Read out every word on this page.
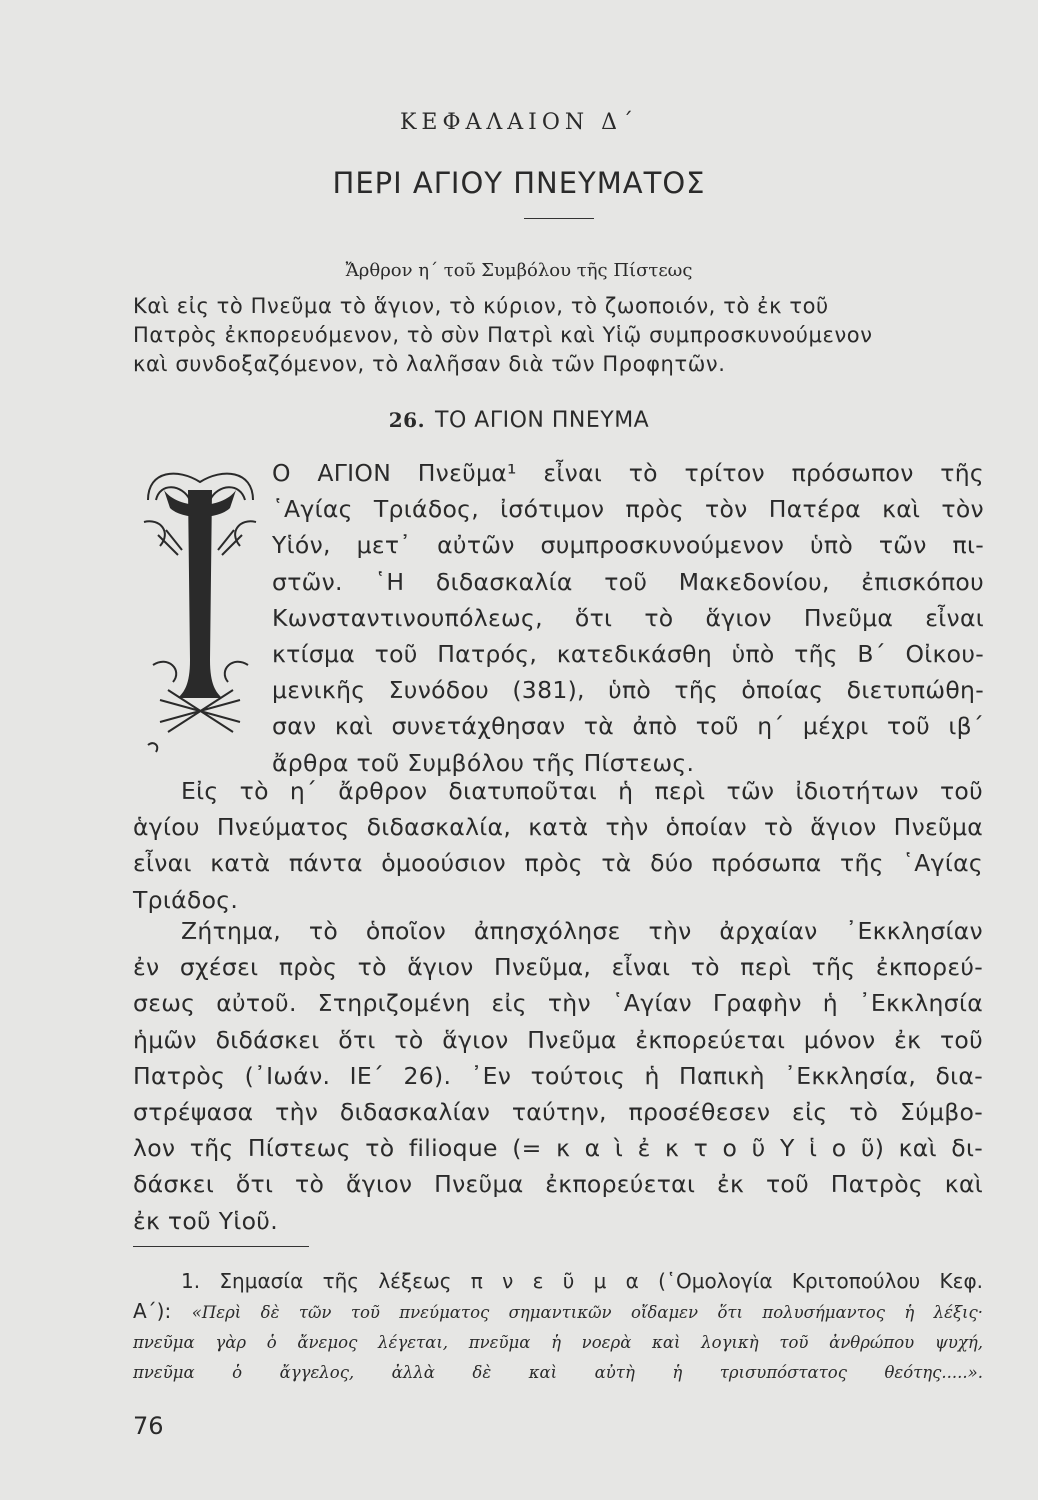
ΚΕΦΑΛΑΙΟΝ Δ΄
ΠΕΡΙ ΑΓΙΟΥ ΠΝΕΥΜΑΤΟΣ
Ἄρθρον η΄ τοῦ Συμβόλου τῆς Πίστεως
Καὶ εἰς τὸ Πνεῦμα τὸ ἅγιον, τὸ κύριον, τὸ ζωοποιόν, τὸ ἐκ τοῦ
Πατρὸς ἐκπορευόμενον, τὸ σὺν Πατρὶ καὶ Υἱῷ συμπροσκυνούμενον
καὶ συνδοξαζόμενον, τὸ λαλῆσαν διὰ τῶν Προφητῶν.
26. ΤΟ ΑΓΙΟΝ ΠΝΕΥΜΑ
Ο ΑΓΙΟΝ Πνεῦμα¹ εἶναι τὸ τρίτον πρόσωπον τῆς
῾Αγίας Τριάδος, ἰσότιμον πρὸς τὸν Πατέρα καὶ τὸν
Υἱόν, μετ᾽ αὐτῶν συμπροσκυνούμενον ὑπὸ τῶν πι-
στῶν. ῾Η διδασκαλία τοῦ Μακεδονίου, ἐπισκόπου
Κωνσταντινουπόλεως, ὅτι τὸ ἅγιον Πνεῦμα εἶναι
κτίσμα τοῦ Πατρός, κατεδικάσθη ὑπὸ τῆς Β΄ Οἰκου-
μενικῆς Συνόδου (381), ὑπὸ τῆς ὁποίας διετυπώθη-
σαν καὶ συνετάχθησαν τὰ ἀπὸ τοῦ η΄ μέχρι τοῦ ιβ΄
ἄρθρα τοῦ Συμβόλου τῆς Πίστεως.
Εἰς τὸ η΄ ἄρθρον διατυποῦται ἡ περὶ τῶν ἰδιοτήτων τοῦ
ἁγίου Πνεύματος διδασκαλία, κατὰ τὴν ὁποίαν τὸ ἅγιον Πνεῦμα
εἶναι κατὰ πάντα ὁμοούσιον πρὸς τὰ δύο πρόσωπα τῆς ῾Αγίας
Τριάδος.
Ζήτημα, τὸ ὁποῖον ἀπησχόλησε τὴν ἀρχαίαν ᾿Εκκλησίαν
ἐν σχέσει πρὸς τὸ ἅγιον Πνεῦμα, εἶναι τὸ περὶ τῆς ἐκπορεύ-
σεως αὐτοῦ. Στηριζομένη εἰς τὴν ῾Αγίαν Γραφὴν ἡ ᾿Εκκλησία
ἡμῶν διδάσκει ὅτι τὸ ἅγιον Πνεῦμα ἐκπορεύεται μόνον ἐκ τοῦ
Πατρὸς (᾿Ιωάν. ΙΕ΄ 26). ᾿Εν τούτοις ἡ Παπικὴ ᾿Εκκλησία, δια-
στρέψασα τὴν διδασκαλίαν ταύτην, προσέθεσεν εἰς τὸ Σύμβο-
λον τῆς Πίστεως τὸ filioque (= κ α ὶ ἐ κ τ ο ῦ Υ ἱ ο ῦ) καὶ δι-
δάσκει ὅτι τὸ ἅγιον Πνεῦμα ἐκπορεύεται ἐκ τοῦ Πατρὸς καὶ
ἐκ τοῦ Υἱοῦ.
1. Σημασία τῆς λέξεως π ν ε ῦ μ α (῾Ομολογία Κριτοπούλου Κεφ.
Α΄): «Περὶ δὲ τῶν τοῦ πνεύματος σημαντικῶν οἴδαμεν ὅτι πολυσήμαντος ἡ λέξις·
πνεῦμα γὰρ ὁ ἄνεμος λέγεται, πνεῦμα ἡ νοερὰ καὶ λογικὴ τοῦ ἀνθρώπου ψυχή,
πνεῦμα ὁ ἄγγελος, ἀλλὰ δὲ καὶ αὐτὴ ἡ τρισυπόστατος θεότης.....».
76
